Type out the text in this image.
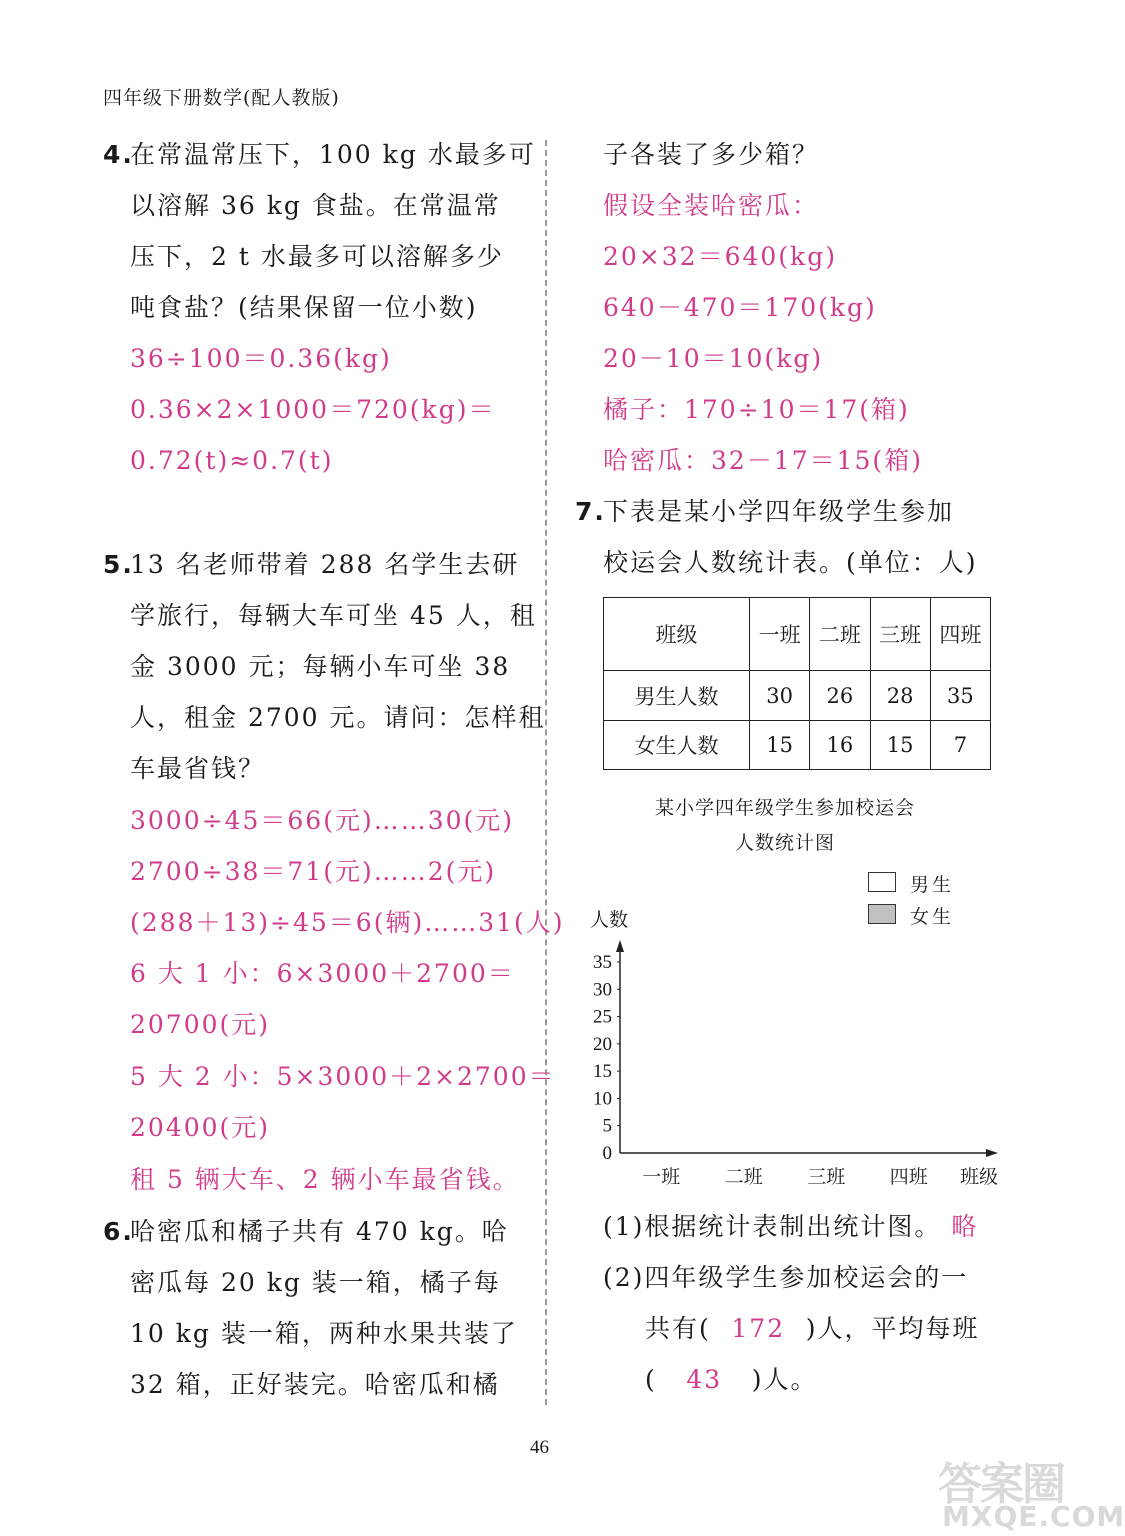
四年级下册数学(配人教版)
4.
在常温常压下，100 kg 水最多可
以溶解 36 kg 食盐。在常温常
压下，2 t 水最多可以溶解多少
吨食盐？(结果保留一位小数)
36÷100＝0.36(kg)
0.36×2×1000＝720(kg)＝
0.72(t)≈0.7(t)
5.
13 名老师带着 288 名学生去研
学旅行，每辆大车可坐 45 人，租
金 3000 元；每辆小车可坐 38
人，租金 2700 元。请问：怎样租
车最省钱？
3000÷45＝66(元)……30(元)
2700÷38＝71(元)……2(元)
(288＋13)÷45＝6(辆)……31(人)
6 大 1 小：6×3000＋2700＝
20700(元)
5 大 2 小：5×3000＋2×2700＝
20400(元)
租 5 辆大车、2 辆小车最省钱。
6.
哈密瓜和橘子共有 470 kg。哈
密瓜每 20 kg 装一箱，橘子每
10 kg 装一箱，两种水果共装了
32 箱，正好装完。哈密瓜和橘
子各装了多少箱？
假设全装哈密瓜：
20×32＝640(kg)
640－470＝170(kg)
20－10＝10(kg)
橘子：170÷10＝17(箱)
哈密瓜：32－17＝15(箱)
7.
下表是某小学四年级学生参加
校运会人数统计表。(单位：人)
班级	一班	二班	三班	四班
男生人数	30	26	28	35
女生人数	15	16	15	7
某小学四年级学生参加校运会
人数统计图
男生
女生
人数
0
5
10
15
20
25
30
35
一班 二班 三班 四班 班级
(1)根据统计表制出统计图。 略
(2)四年级学生参加校运会的一
共有( 172 )人，平均每班
( 43 )人。
46
答案圈
MXQE.COM
